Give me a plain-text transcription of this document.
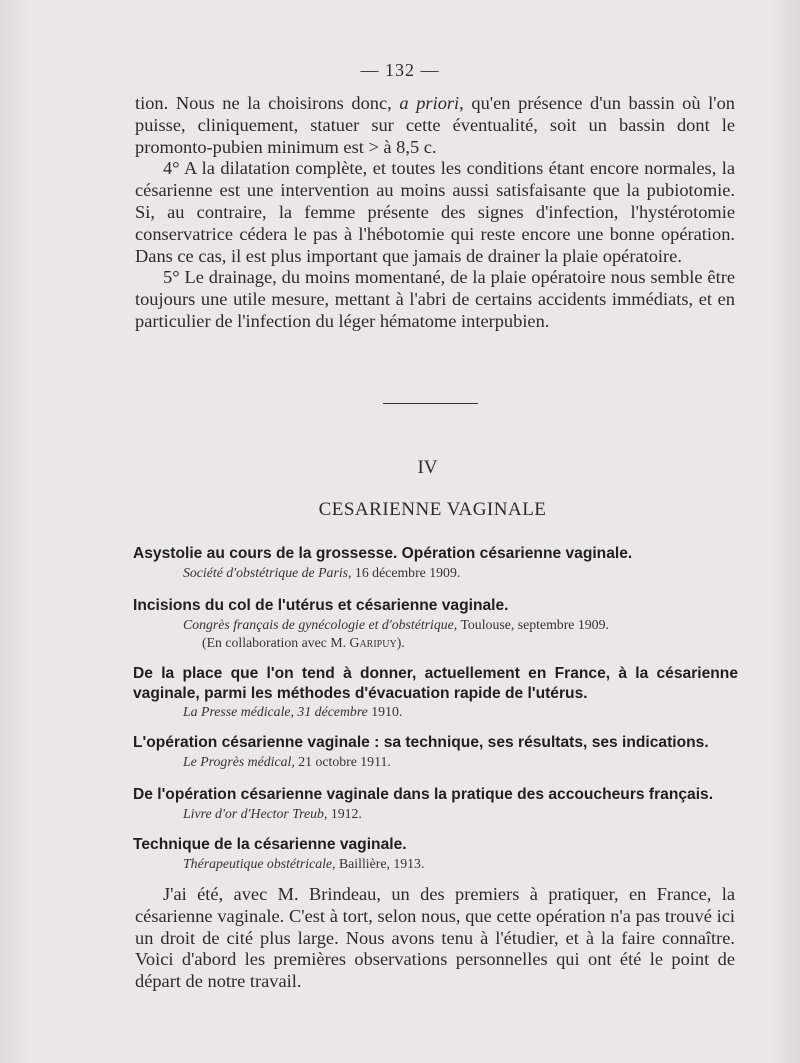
— 132 —

tion. Nous ne la choisirons donc, a priori, qu'en présence d'un bassin où l'on puisse, cliniquement, statuer sur cette éventualité, soit un bassin dont le promonto-pubien minimum est > à 8,5 c.

4° A la dilatation complète, et toutes les conditions étant encore normales, la césarienne est une intervention au moins aussi satisfaisante que la pubiotomie. Si, au contraire, la femme présente des signes d'infection, l'hystérotomie conservatrice cédera le pas à l'hébotomie qui reste encore une bonne opération. Dans ce cas, il est plus important que jamais de drainer la plaie opératoire.

5° Le drainage, du moins momentané, de la plaie opératoire nous semble être toujours une utile mesure, mettant à l'abri de certains accidents immédiats, et en particulier de l'infection du léger hématome interpubien.

IV
CESARIENNE VAGINALE
Asystolie au cours de la grossesse. Opération césarienne vaginale.
Société d'obstétrique de Paris, 16 décembre 1909.
Incisions du col de l'utérus et césarienne vaginale.
Congrès français de gynécologie et d'obstétrique, Toulouse, septembre 1909.
(En collaboration avec M. Garipuy).
De la place que l'on tend à donner, actuellement en France, à la césarienne vaginale, parmi les méthodes d'évacuation rapide de l'utérus.
La Presse médicale, 31 décembre 1910.
L'opération césarienne vaginale : sa technique, ses résultats, ses indications.
Le Progrès médical, 21 octobre 1911.
De l'opération césarienne vaginale dans la pratique des accoucheurs français.
Livre d'or d'Hector Treub, 1912.
Technique de la césarienne vaginale.
Thérapeutique obstétricale, Baillière, 1913.

J'ai été, avec M. Brindeau, un des premiers à pratiquer, en France, la césarienne vaginale. C'est à tort, selon nous, que cette opération n'a pas trouvé ici un droit de cité plus large. Nous avons tenu à l'étudier, et à la faire connaître. Voici d'abord les premières observations personnelles qui ont été le point de départ de notre travail.
